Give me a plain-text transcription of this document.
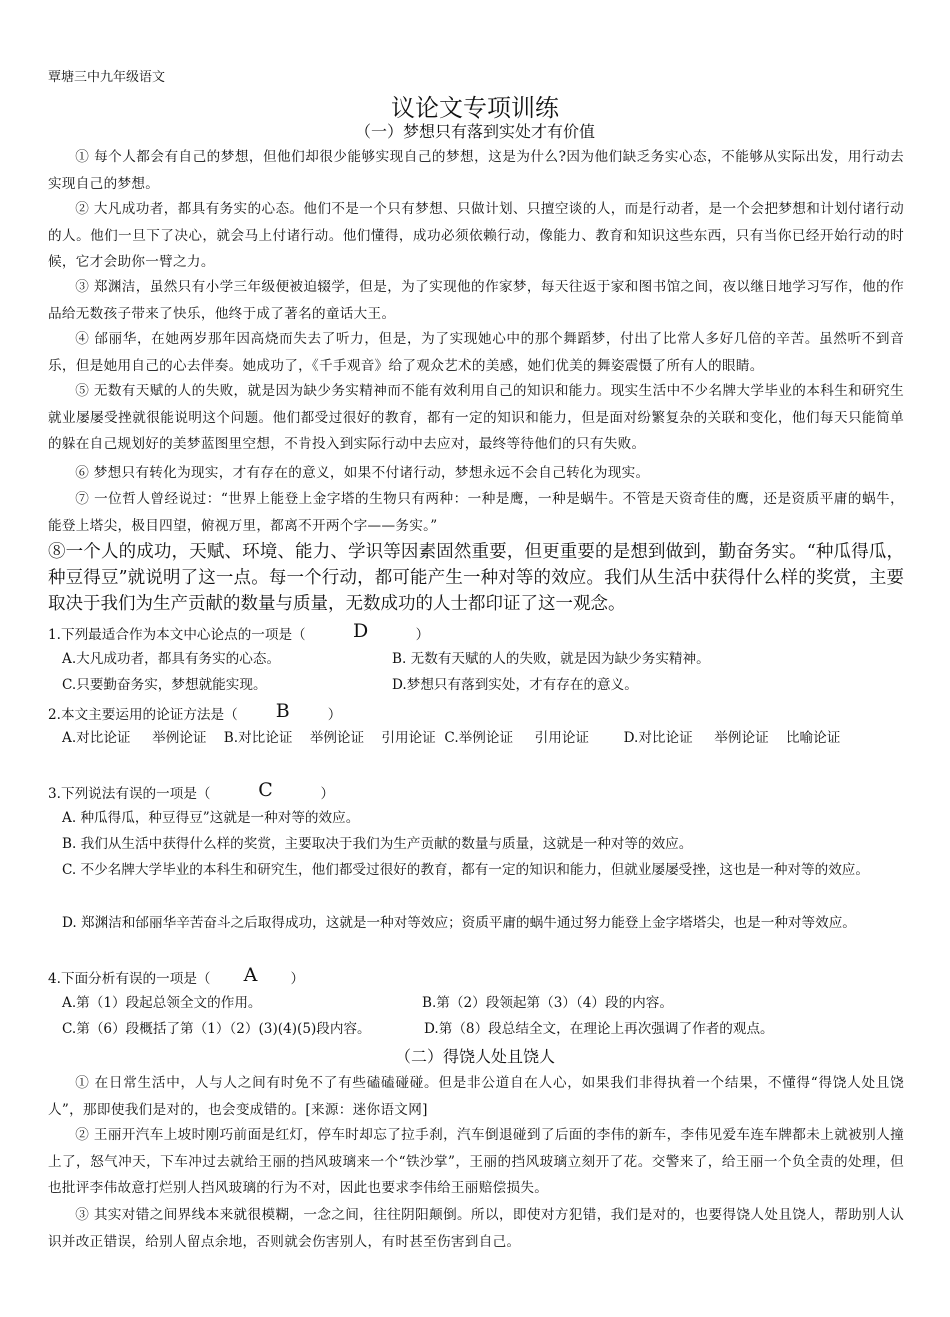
覃塘三中九年级语文
议论文专项训练
（一）梦想只有落到实处才有价值
① 每个人都会有自己的梦想，但他们却很少能够实现自己的梦想，这是为什么?因为他们缺乏务实心态，不能够从实际出发，用行动去实现自己的梦想。
② 大凡成功者，都具有务实的心态。他们不是一个只有梦想、只做计划、只擅空谈的人，而是行动者，是一个会把梦想和计划付诸行动的人。他们一旦下了决心，就会马上付诸行动。他们懂得，成功必须依赖行动，像能力、教育和知识这些东西，只有当你已经开始行动的时候，它才会助你一臂之力。
③ 郑渊洁，虽然只有小学三年级便被迫辍学，但是，为了实现他的作家梦，每天往返于家和图书馆之间，夜以继日地学习写作，他的作品给无数孩子带来了快乐，他终于成了著名的童话大王。
④ 邰丽华，在她两岁那年因高烧而失去了听力，但是，为了实现她心中的那个舞蹈梦，付出了比常人多好几倍的辛苦。虽然听不到音乐，但是她用自己的心去伴奏。她成功了，《千手观音》给了观众艺术的美感，她们优美的舞姿震慑了所有人的眼睛。
⑤ 无数有天赋的人的失败，就是因为缺少务实精神而不能有效利用自己的知识和能力。现实生活中不少名牌大学毕业的本科生和研究生就业屡屡受挫就很能说明这个问题。他们都受过很好的教育，都有一定的知识和能力，但是面对纷繁复杂的关联和变化，他们每天只能简单的躲在自己规划好的美梦蓝图里空想，不肯投入到实际行动中去应对，最终等待他们的只有失败。
⑥ 梦想只有转化为现实，才有存在的意义，如果不付诸行动，梦想永远不会自己转化为现实。
⑦ 一位哲人曾经说过：“世界上能登上金字塔的生物只有两种：一种是鹰，一种是蜗牛。不管是天资奇佳的鹰，还是资质平庸的蜗牛，能登上塔尖，极目四望，俯视万里，都离不开两个字——务实。”
⑧一个人的成功，天赋、环境、能力、学识等因素固然重要，但更重要的是想到做到，勤奋务实。“种瓜得瓜，种豆得豆”就说明了这一点。每一个行动，都可能产生一种对等的效应。我们从生活中获得什么样的奖赏，主要取决于我们为生产贡献的数量与质量，无数成功的人士都印证了这一观念。
1.下列最适合作为本文中心论点的一项是（ D	）
A.大凡成功者，都具有务实的心态。	B. 无数有天赋的人的失败，就是因为缺少务实精神。
C.只要勤奋务实，梦想就能实现。	D.梦想只有落到实处，才有存在的意义。
2.本文主要运用的论证方法是（ B	）
A.对比论证     举例论证    B.对比论证    举例论证    引用论证  C.举例论证     引用论证        D.对比论证     举例论证    比喻论证
3.下列说法有误的一项是（	C	）
A. 种瓜得瓜，种豆得豆”这就是一种对等的效应。
B. 我们从生活中获得什么样的奖赏，主要取决于我们为生产贡献的数量与质量，这就是一种对等的效应。
C. 不少名牌大学毕业的本科生和研究生，他们都受过很好的教育，都有一定的知识和能力，但就业屡屡受挫，这也是一种对等的效应。
D. 郑渊洁和邰丽华辛苦奋斗之后取得成功，这就是一种对等效应；资质平庸的蜗牛通过努力能登上金字塔塔尖，也是一种对等效应。
4.下面分析有误的一项是（ A ）
A.第（1）段起总领全文的作用。	B.第（2）段领起第（3）（4）段的内容。
C.第（6）段概括了第（1）（2）(3)(4)(5)段内容。	D.第（8）段总结全文，在理论上再次强调了作者的观点。
（二）得饶人处且饶人
① 在日常生活中，人与人之间有时免不了有些磕磕碰碰。但是非公道自在人心，如果我们非得执着一个结果，不懂得“得饶人处且饶人”，那即使我们是对的，也会变成错的。[来源：迷你语文网]
② 王丽开汽车上坡时刚巧前面是红灯，停车时却忘了拉手刹，汽车倒退碰到了后面的李伟的新车，李伟见爱车连车牌都未上就被别人撞上了，怒气冲天，下车冲过去就给王丽的挡风玻璃来一个“铁沙掌”，王丽的挡风玻璃立刻开了花。交警来了，给王丽一个负全责的处理，但也批评李伟故意打烂别人挡风玻璃的行为不对，因此也要求李伟给王丽赔偿损失。
③ 其实对错之间界线本来就很模糊，一念之间，往往阴阳颠倒。所以，即使对方犯错，我们是对的，也要得饶人处且饶人，帮助别人认识并改正错误，给别人留点余地，否则就会伤害别人，有时甚至伤害到自己。
